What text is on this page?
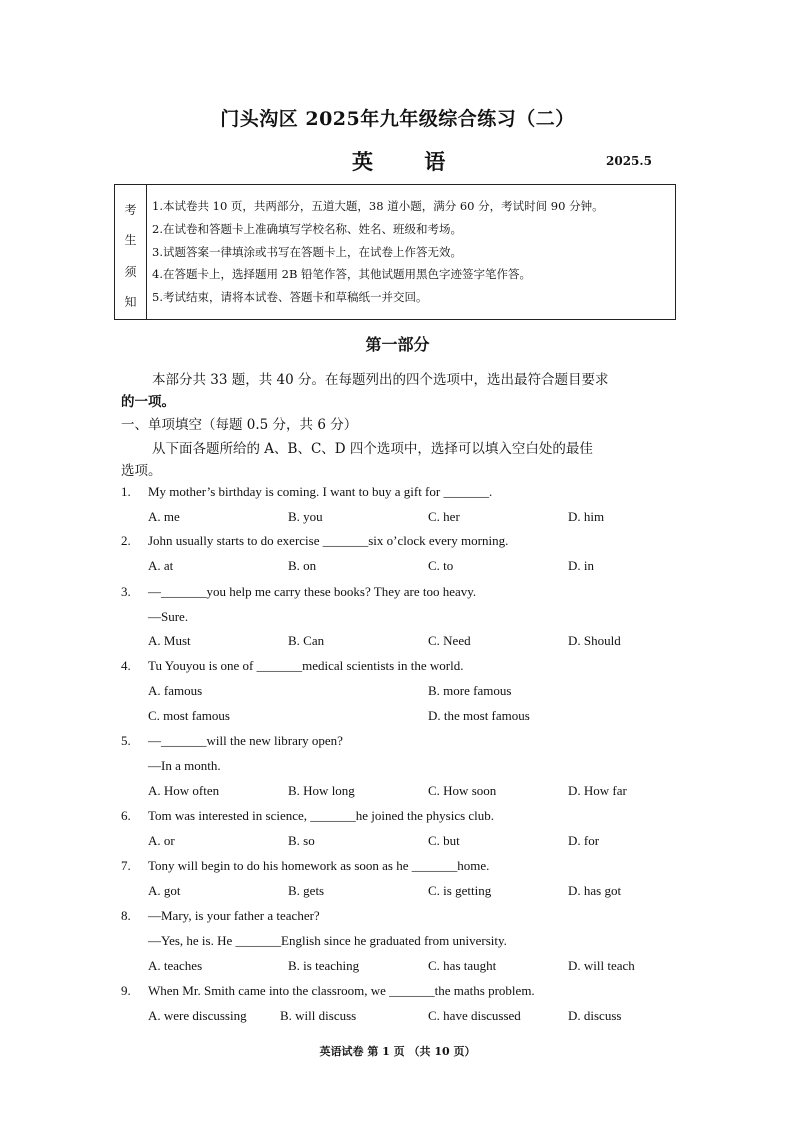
门头沟区 2025年九年级综合练习（二）
英 语	2025.5
考
生
须
知
1.本试卷共 10 页，共两部分，五道大题，38 道小题，满分 60 分，考试时间 90 分钟。
2.在试卷和答题卡上准确填写学校名称、姓名、班级和考场。
3.试题答案一律填涂或书写在答题卡上，在试卷上作答无效。
4.在答题卡上，选择题用 2B 铅笔作答，其他试题用黑色字迹签字笔作答。
5.考试结束，请将本试卷、答题卡和草稿纸一并交回。
第一部分
本部分共 33 题，共 40 分。在每题列出的四个选项中，选出最符合题目要求
的一项。
一、单项填空（每题 0.5 分，共 6 分）
从下面各题所给的 A、B、C、D 四个选项中，选择可以填入空白处的最佳
选项。
1. My mother’s birthday is coming. I want to buy a gift for _______.
A. me	B. you	C. her	D. him
2. John usually starts to do exercise _______six o’clock every morning.
A. at	B. on	C. to	D. in
3. —_______you help me carry these books? They are too heavy.
—Sure.
A. Must	B. Can	C. Need	D. Should
4. Tu Youyou is one of _______medical scientists in the world.
A. famous	B. more famous
C. most famous	D. the most famous
5. —_______will the new library open?
—In a month.
A. How often	B. How long	C. How soon	D. How far
6. Tom was interested in science, _______he joined the physics club.
A. or	B. so	C. but	D. for
7. Tony will begin to do his homework as soon as he _______home.
A. got	B. gets	C. is getting	D. has got
8. —Mary, is your father a teacher?
—Yes, he is. He _______English since he graduated from university.
A. teaches	B. is teaching	C. has taught	D. will teach
9. When Mr. Smith came into the classroom, we _______the maths problem.
A. were discussing	B. will discuss	C. have discussed	D. discuss
英语试卷 第 1 页 （共 10 页）
